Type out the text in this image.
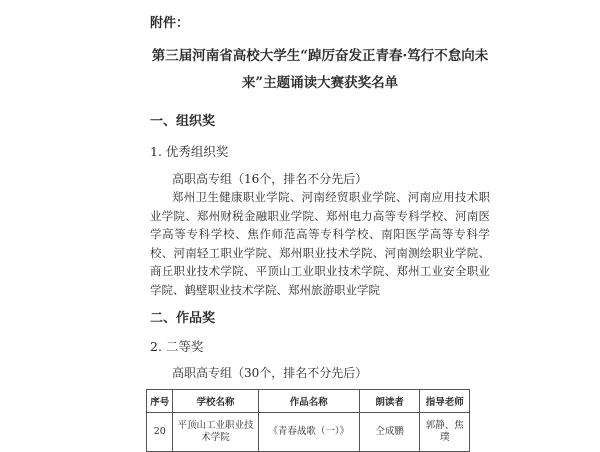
附件：
第三届河南省高校大学生“踔厉奋发正青春·笃行不怠向未
来”主题诵读大赛获奖名单
一、组织奖
1. 优秀组织奖
高职高专组（16个，排名不分先后）
郑州卫生健康职业学院、河南经贸职业学院、河南应用技术职业学院、郑州财税金融职业学院、郑州电力高等专科学校、河南医学高等专科学校、焦作师范高等专科学校、南阳医学高等专科学校、河南轻工职业学院、郑州职业技术学院、河南测绘职业学院、商丘职业技术学院、平顶山工业职业技术学院、郑州工业安全职业学院、鹤壁职业技术学院、郑州旅游职业学院
二、作品奖
2. 二等奖
高职高专组（30个，排名不分先后）
序号	学校名称	作品名称	朗读者	指导老师
20	平顶山工业职业技术学院	《青春战歌（一）》	仝成鹏	郭静、焦璞
